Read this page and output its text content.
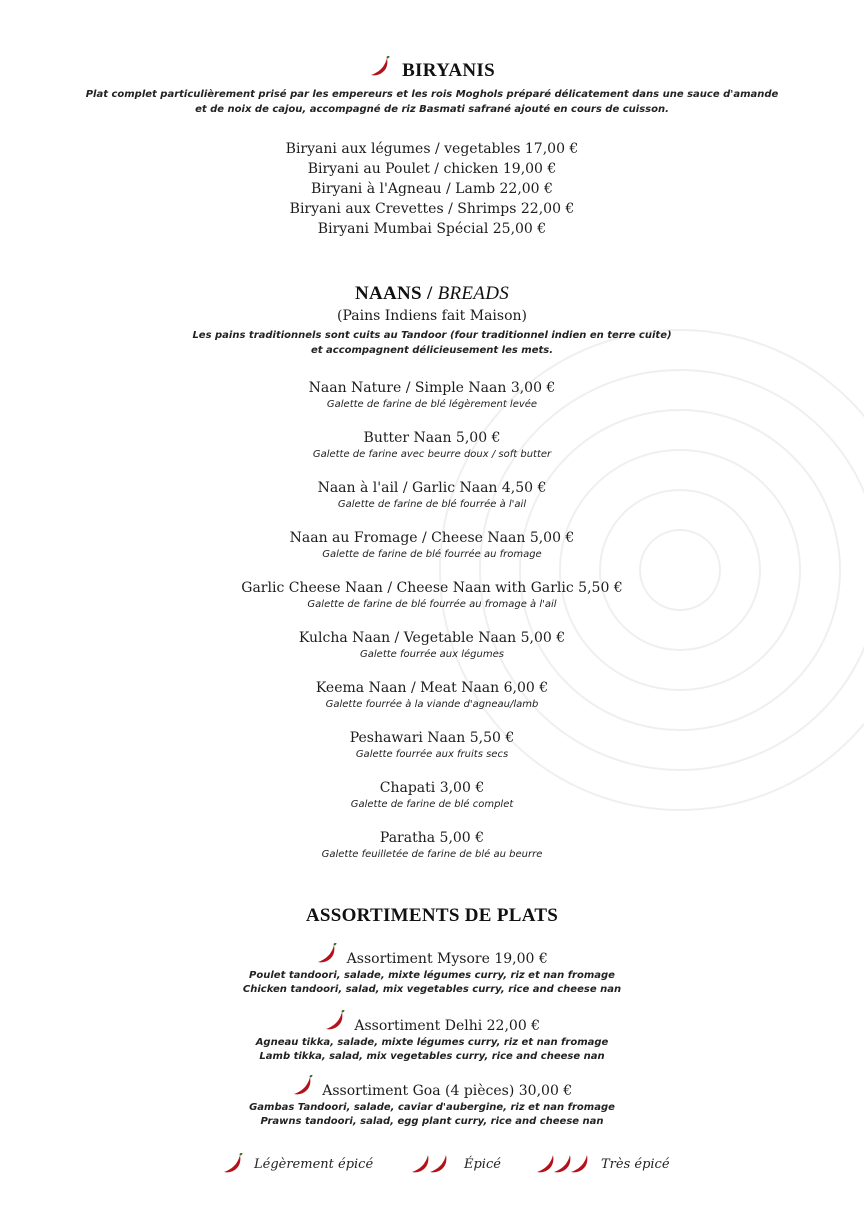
BIRYANIS
Plat complet particulièrement prisé par les empereurs et les rois Moghols préparé délicatement dans une sauce d'amande
et de noix de cajou, accompagné de riz Basmati safrané ajouté en cours de cuisson.
Biryani aux légumes / vegetables 17,00 €
Biryani au Poulet / chicken 19,00 €
Biryani à l'Agneau / Lamb 22,00 €
Biryani aux Crevettes / Shrimps 22,00 €
Biryani Mumbai Spécial 25,00 €
NAANS / BREADS
(Pains Indiens fait Maison)
Les pains traditionnels sont cuits au Tandoor (four traditionnel indien en terre cuite)
et accompagnent délicieusement les mets.
Naan Nature / Simple Naan 3,00 €
Galette de farine de blé légèrement levée
Butter Naan 5,00 €
Galette de farine avec beurre doux / soft butter
Naan à l'ail / Garlic Naan 4,50 €
Galette de farine de blé fourrée à l'ail
Naan au Fromage / Cheese Naan 5,00 €
Galette de farine de blé fourrée au fromage
Garlic Cheese Naan / Cheese Naan with Garlic 5,50 €
Galette de farine de blé fourrée au fromage à l'ail
Kulcha Naan / Vegetable Naan 5,00 €
Galette fourrée aux légumes
Keema Naan / Meat Naan 6,00 €
Galette fourrée à la viande d'agneau/lamb
Peshawari Naan 5,50 €
Galette fourrée aux fruits secs
Chapati 3,00 €
Galette de farine de blé complet
Paratha 5,00 €
Galette feuilletée de farine de blé au beurre
ASSORTIMENTS DE PLATS
Assortiment Mysore 19,00 €
Poulet tandoori, salade, mixte légumes curry, riz et nan fromage
Chicken tandoori, salad, mix vegetables curry, rice and cheese nan
Assortiment Delhi 22,00 €
Agneau tikka, salade, mixte légumes curry, riz et nan fromage
Lamb tikka, salad, mix vegetables curry, rice and cheese nan
Assortiment Goa (4 pièces) 30,00 €
Gambas Tandoori, salade, caviar d'aubergine, riz et nan fromage
Prawns tandoori, salad, egg plant curry, rice and cheese nan
Légèrement épicé	Épicé	Très épicé
